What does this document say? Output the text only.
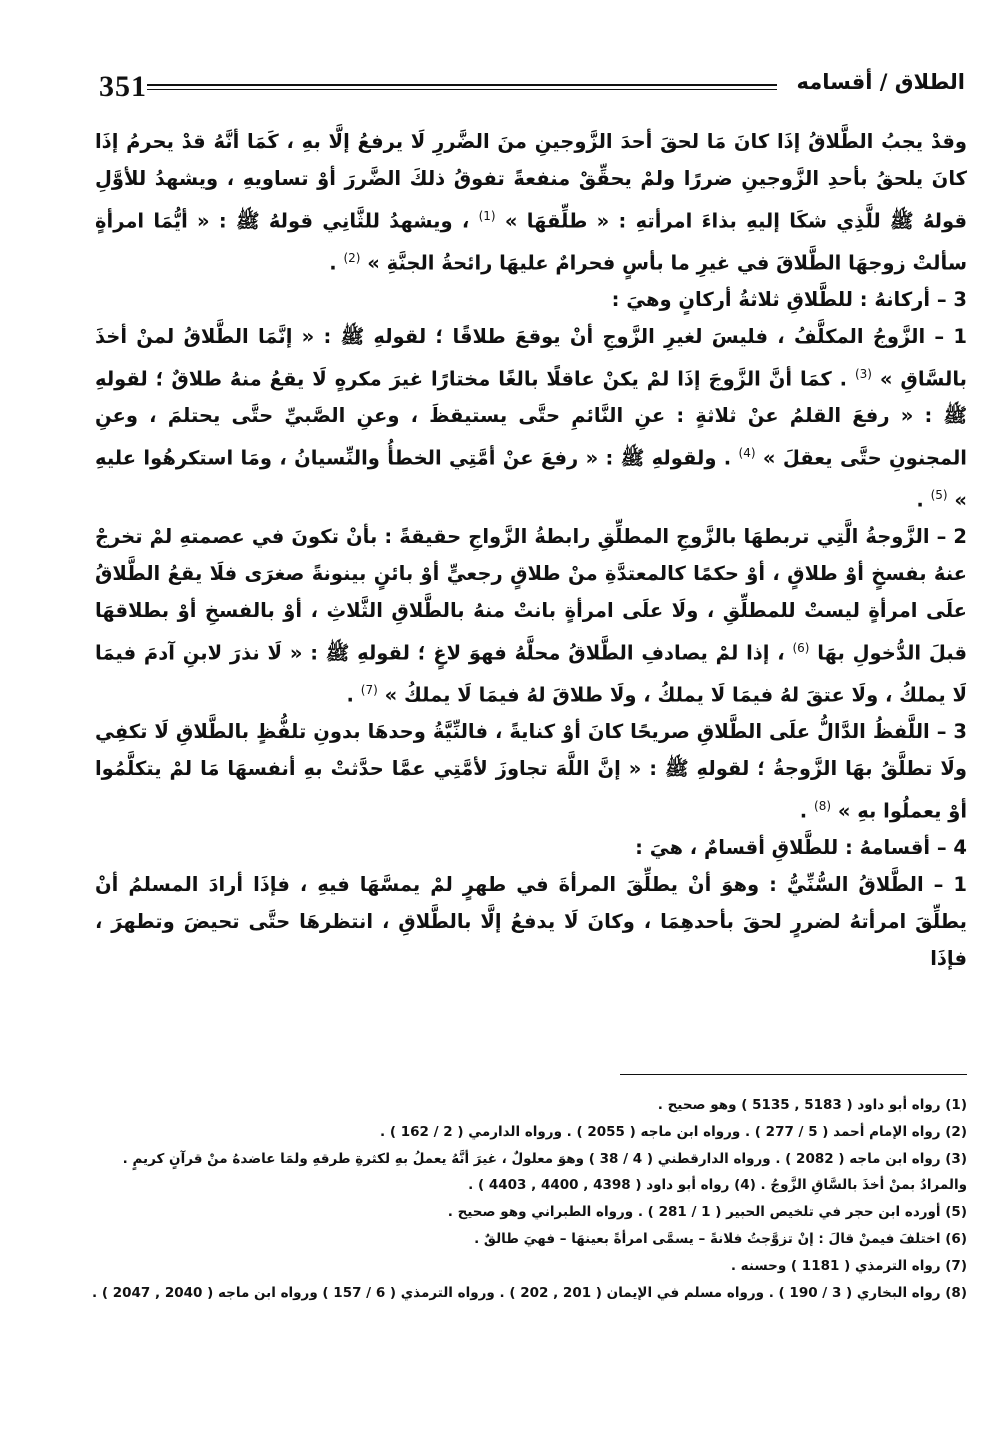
351	الطلاق / أقسامه

وقدْ يجبُ الطَّلاقُ إذَا كانَ مَا لحقَ أحدَ الزَّوجينِ منَ الضَّررِ لَا يرفعُ إلَّا بهِ ، كَمَا أنَّهُ قدْ يحرمُ إذَا كانَ يلحقُ بأحدِ الزَّوجينِ ضررًا ولمْ يحقِّقْ منفعةً تفوقُ ذلكَ الضَّررَ أوْ تساويهِ ، ويشهدُ للأوَّلِ قولهُ ﷺ للَّذِي شكَا إليهِ بذاءَ امرأتهِ : « طلِّقهَا » $^{(1)}$ ، ويشهدُ للثَّانِي قولهُ ﷺ : « أيُّمَا امرأةٍ سألتْ زوجهَا الطَّلاقَ في غيرِ ما بأسٍ فحرامٌ عليهَا رائحةُ الجنَّةِ » $^{(2)}$ .

3 – أركانهُ : للطَّلاقِ ثلاثةُ أركانٍ وهيَ :

1 – الزَّوجُ المكلَّفُ ، فليسَ لغيرِ الزَّوجِ أنْ يوقعَ طلاقًا ؛ لقولهِ ﷺ : « إنَّمَا الطَّلاقُ لمنْ أخذَ بالسَّاقِ » $^{(3)}$ . كمَا أنَّ الزَّوجَ إذَا لمْ يكنْ عاقلًا بالغًا مختارًا غيرَ مكرهٍ لَا يقعُ منهُ طلاقٌ ؛ لقولهِ ﷺ : « رفعَ القلمُ عنْ ثلاثةٍ : عنِ النَّائمِ حتَّى يستيقظَ ، وعنِ الصَّبيِّ حتَّى يحتلمَ ، وعنِ المجنونِ حتَّى يعقلَ » $^{(4)}$ . ولقولهِ ﷺ : « رفعَ عنْ أمَّتِي الخطأُ والنِّسيانُ ، ومَا استكرهُوا عليهِ » $^{(5)}$ .

2 – الزَّوجةُ الَّتِي تربطهَا بالزَّوجِ المطلِّقِ رابطةُ الزَّواجِ حقيقةً : بأنْ تكونَ في عصمتهِ لمْ تخرجْ عنهُ بفسخٍ أوْ طلاقٍ ، أوْ حكمًا كالمعتدَّةِ منْ طلاقٍ رجعيٍّ أوْ بائنٍ بينونةً صغرَى فلَا يقعُ الطَّلاقُ علَى امرأةٍ ليستْ للمطلِّقِ ، ولَا علَى امرأةٍ بانتْ منهُ بالطَّلاقِ الثَّلاثِ ، أوْ بالفسخِ أوْ بطلاقهَا قبلَ الدُّخولِ بهَا $^{(6)}$ ، إذا لمْ يصادفِ الطَّلاقُ محلَّهُ فهوَ لاغٍ ؛ لقولهِ ﷺ : « لَا نذرَ لابنِ آدمَ فيمَا لَا يملكُ ، ولَا عتقَ لهُ فيمَا لَا يملكُ ، ولَا طلاقَ لهُ فيمَا لَا يملكُ » $^{(7)}$ .

3 – اللَّفظُ الدَّالُّ علَى الطَّلاقِ صريحًا كانَ أوْ كنايةً ، فالنِّيَّةُ وحدهَا بدونِ تلفُّظٍ بالطَّلاقِ لَا تكفِي ولَا تطلَّقُ بهَا الزَّوجةُ ؛ لقولهِ ﷺ : « إنَّ اللَّهَ تجاوزَ لأمَّتِي عمَّا حدَّثتْ بهِ أنفسهَا مَا لمْ يتكلَّمُوا أوْ يعملُوا بهِ » $^{(8)}$ .

4 – أقسامهُ : للطَّلاقِ أقسامٌ ، هيَ :

1 – الطَّلاقُ السُّنِّيُّ : وهوَ أنْ يطلِّقَ المرأةَ في طهرٍ لمْ يمسَّهَا فيهِ ، فإذَا أرادَ المسلمُ أنْ يطلِّقَ امرأتهُ لضررٍ لحقَ بأحدهِمَا ، وكانَ لَا يدفعُ إلَّا بالطَّلاقِ ، انتظرهَا حتَّى تحيضَ وتطهرَ ، فإذَا

(1) رواه أبو داود ( 5183 , 5135 ) وهو صحيح .
(2) رواه الإمام أحمد ( 5 / 277 ) . ورواه ابن ماجه ( 2055 ) . ورواه الدارمي ( 2 / 162 ) .
(3) رواه ابن ماجه ( 2082 ) . ورواه الدارقطني ( 4 / 38 ) وهوَ معلولٌ ، غيرَ أنَّهُ يعملُ بهِ لكثرةِ طرقهِ ولمَا عاضدهُ منْ قرآنٍ كريمٍ .
والمرادُ بمنْ أخذَ بالسَّاقِ الزَّوجُ . (4) رواه أبو داود ( 4398 , 4400 , 4403 ) .
(5) أورده ابن حجر في تلخيص الحبير ( 1 / 281 ) . ورواه الطبراني وهو صحيح .
(6) اختلفَ فيمنْ قالَ : إنْ تزوَّجتُ فلانةً – يسمَّى امرأةً بعينهَا – فهيَ طالقٌ .
(7) رواه الترمذي ( 1181 ) وحسنه .
(8) رواه البخاري ( 3 / 190 ) . ورواه مسلم في الإيمان ( 201 , 202 ) . ورواه الترمذي ( 6 / 157 ) ورواه ابن ماجه ( 2040 , 2047 ) .
